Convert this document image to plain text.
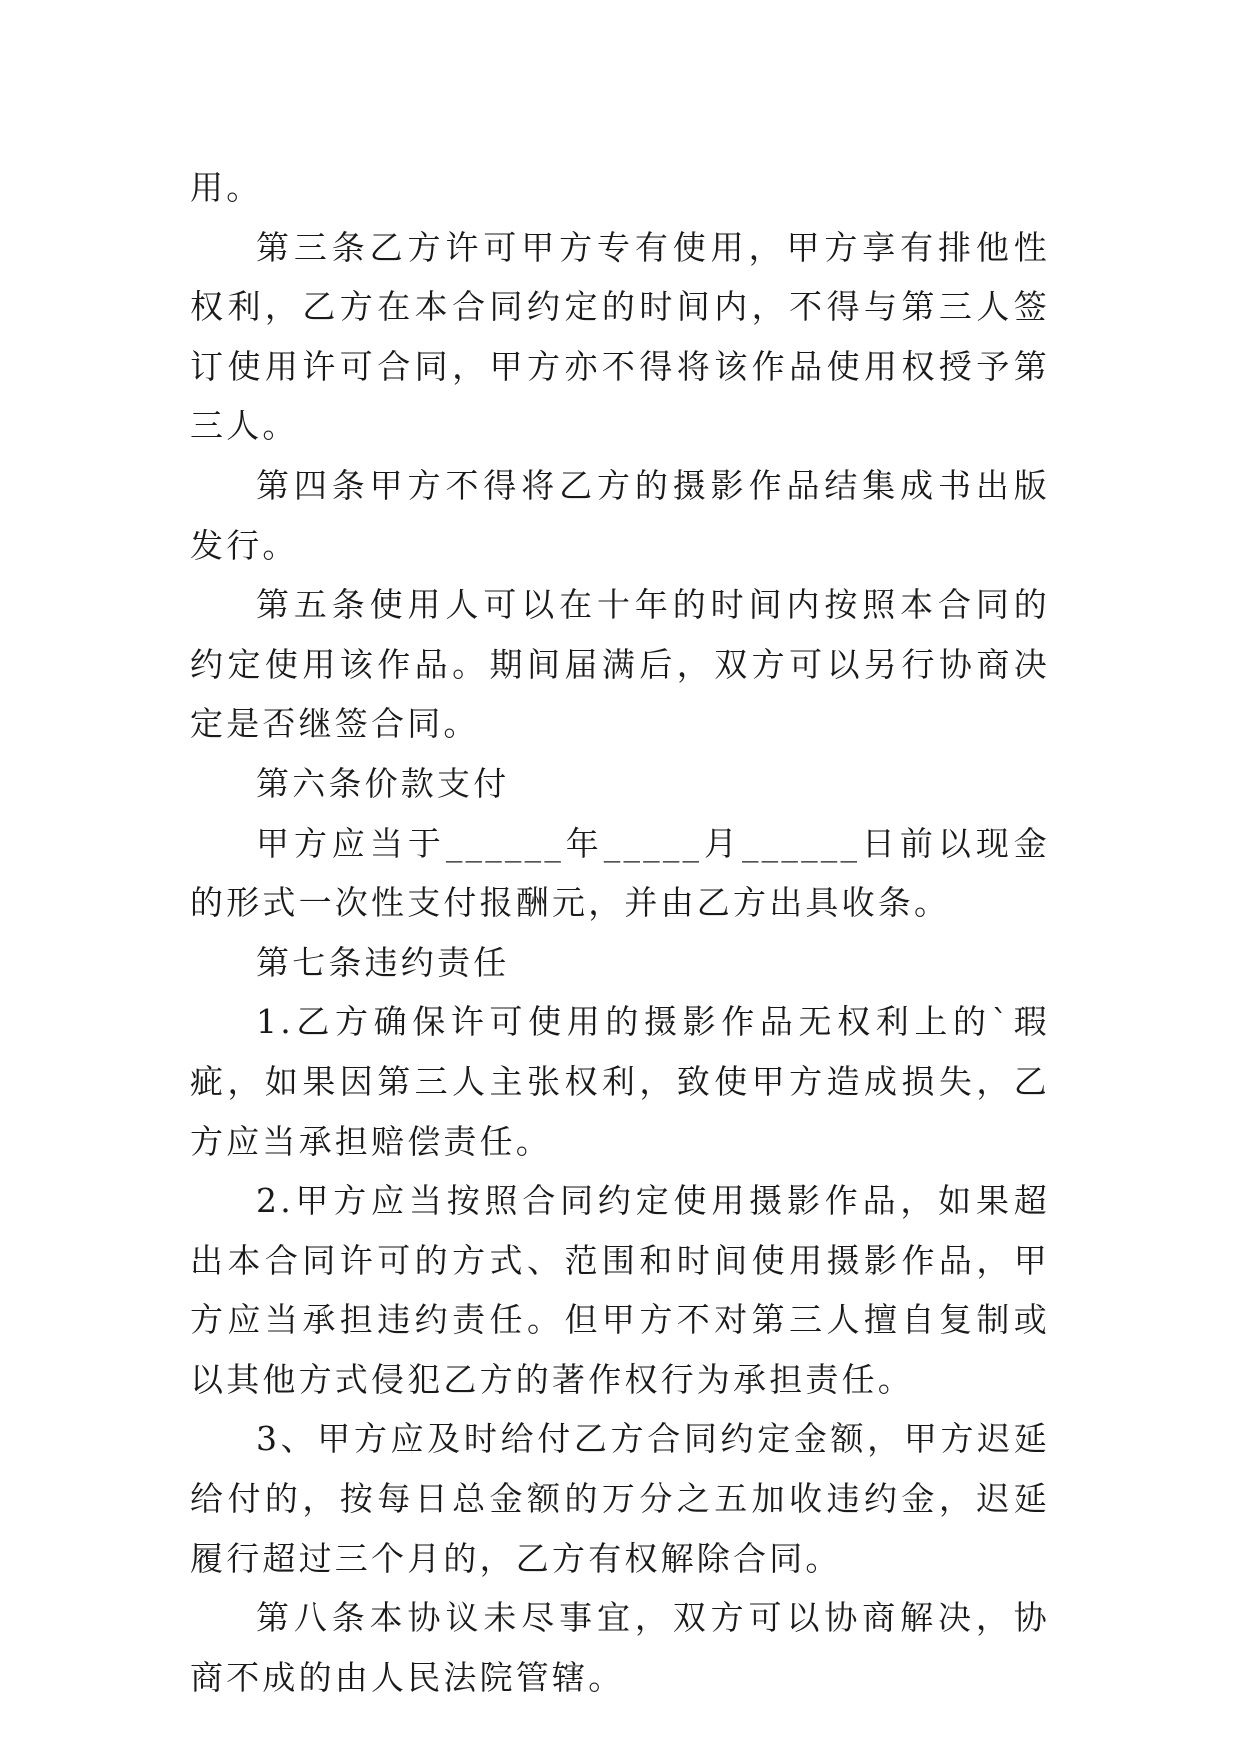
用。

第三条乙方许可甲方专有使用，甲方享有排他性权利，乙方在本合同约定的时间内，不得与第三人签订使用许可合同，甲方亦不得将该作品使用权授予第三人。

第四条甲方不得将乙方的摄影作品结集成书出版发行。

第五条使用人可以在十年的时间内按照本合同的约定使用该作品。期间届满后，双方可以另行协商决定是否继签合同。

第六条价款支付

甲方应当于______年_____月______日前以现金的形式一次性支付报酬元，并由乙方出具收条。

第七条违约责任

1.乙方确保许可使用的摄影作品无权利上的`瑕疵，如果因第三人主张权利，致使甲方造成损失，乙方应当承担赔偿责任。

2.甲方应当按照合同约定使用摄影作品，如果超出本合同许可的方式、范围和时间使用摄影作品，甲方应当承担违约责任。但甲方不对第三人擅自复制或以其他方式侵犯乙方的著作权行为承担责任。

3、甲方应及时给付乙方合同约定金额，甲方迟延给付的，按每日总金额的万分之五加收违约金，迟延履行超过三个月的，乙方有权解除合同。

第八条本协议未尽事宜，双方可以协商解决，协商不成的由人民法院管辖。
